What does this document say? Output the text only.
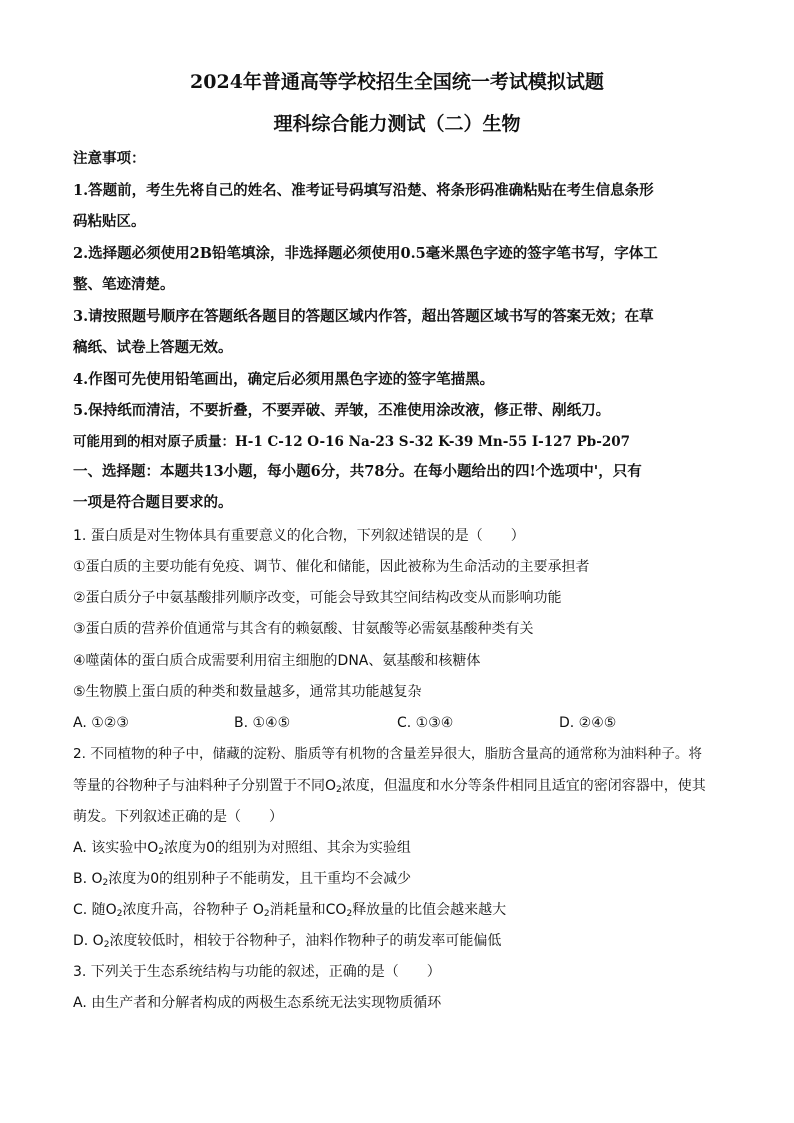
2024年普通高等学校招生全国统一考试模拟试题
理科综合能力测试（二）生物
注意事项：
1.答题前，考生先将自己的姓名、准考证号码填写沿楚、将条形码准确粘贴在考生信息条形
码粘贴区。
2.选择题必须使用2B铅笔填涂，非选择题必须使用0.5毫米黑色字迹的签字笔书写，字体工
整、笔迹清楚。
3.请按照题号顺序在答题纸各题目的答题区域内作答，超出答题区域书写的答案无效；在草
稿纸、试卷上答题无效。
4.作图可先使用铅笔画出，确定后必须用黑色字迹的签字笔描黑。
5.保持纸而清洁，不要折叠，不要弄破、弄皱，丕准使用涂改液，修正带、剐纸刀。
可能用到的相对原子质量：H-1 C-12 O-16 Na-23 S-32 K-39 Mn-55 I-127 Pb-207
一、选择题：本题共13小题，每小题6分，共78分。在每小题给出的四!个选项中'，只有
一项是符合题目要求的。
1. 蛋白质是对生物体具有重要意义的化合物，下列叙述错误的是（　　）
①蛋白质的主要功能有免疫、调节、催化和储能，因此被称为生命活动的主要承担者
②蛋白质分子中氨基酸排列顺序改变，可能会导致其空间结构改变从而影响功能
③蛋白质的营养价值通常与其含有的赖氨酸、甘氨酸等必需氨基酸种类有关
④噬菌体的蛋白质合成需要利用宿主细胞的DNA、氨基酸和核糖体
⑤生物膜上蛋白质的种类和数量越多，通常其功能越复杂
A. ①②③	B. ①④⑤	C. ①③④	D. ②④⑤
2. 不同植物的种子中，储藏的淀粉、脂质等有机物的含量差异很大，脂肪含量高的通常称为油料种子。将
等量的谷物种子与油料种子分别置于不同$O_2$浓度，但温度和水分等条件相同且适宜的密闭容器中，使其
萌发。下列叙述正确的是（　　）
A. 该实验中$O_2$浓度为0的组别为对照组、其余为实验组
B. $O_2$浓度为0的组别种子不能萌发，且干重均不会减少
C. 随$O_2$浓度升高，谷物种子 $O_2$消耗量和$CO_2$释放量的比值会越来越大
D. $O_2$浓度较低时，相较于谷物种子，油料作物种子的萌发率可能偏低
3. 下列关于生态系统结构与功能的叙述，正确的是（　　）
A. 由生产者和分解者构成的两极生态系统无法实现物质循环
